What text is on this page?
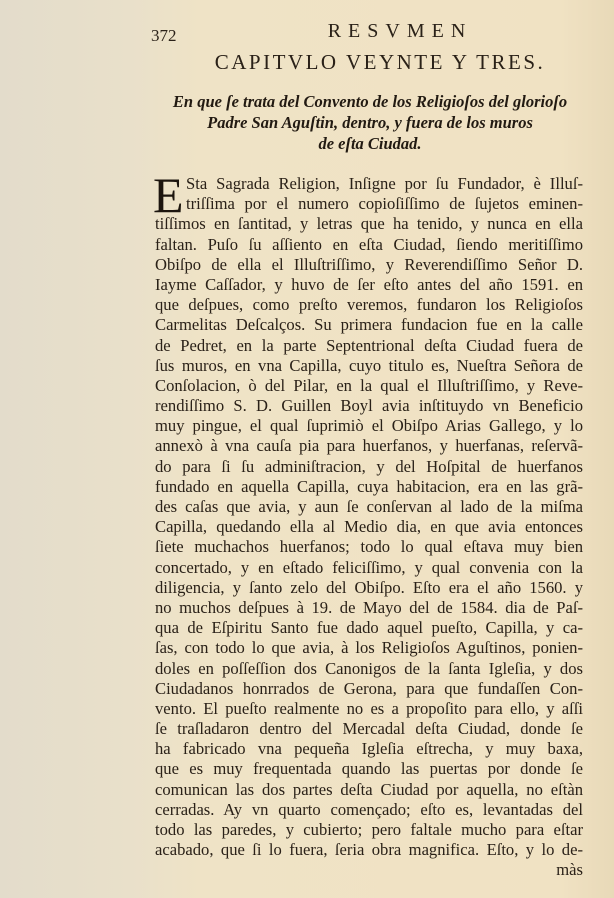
372	RESVMEN
CAPITVLO VEYNTE Y TRES.
En que ſe trata del Convento de los Religioſos del glorioſo
Padre San Aguſtin, dentro, y fuera de los muros
de eſta Ciudad.
E Sta Sagrada Religion, Inſigne por ſu Fundador, è Illuſ-
triſſima por el numero copioſiſſimo de ſujetos eminen-
tiſſimos en ſantitad, y letras que ha tenido, y nunca en ella
faltan. Puſo ſu aſſiento en eſta Ciudad, ſiendo meritiſſimo
Obiſpo de ella el Illuſtriſſimo, y Reverendiſſimo Señor D.
Iayme Caſſador, y huvo de ſer eſto antes del año 1591. en
que deſpues, como preſto veremos, fundaron los Religioſos
Carmelitas Deſcalços. Su primera fundacion fue en la calle
de Pedret, en la parte Septentrional deſta Ciudad fuera de
ſus muros, en vna Capilla, cuyo titulo es, Nueſtra Señora de
Conſolacion, ò del Pilar, en la qual el Illuſtriſſimo, y Reve-
rendiſſimo S. D. Guillen Boyl avia inſtituydo vn Beneficio
muy pingue, el qual ſuprimiò el Obiſpo Arias Gallego, y lo
annexò à vna cauſa pia para huerfanos, y huerfanas, reſervã-
do para ſi ſu adminiſtracion, y del Hoſpital de huerfanos
fundado en aquella Capilla, cuya habitacion, era en las grã-
des caſas que avia, y aun ſe conſervan al lado de la miſma
Capilla, quedando ella al Medio dia, en que avia entonces
ſiete muchachos huerfanos; todo lo qual eſtava muy bien
concertado, y en eſtado feliciſſimo, y qual convenia con la
diligencia, y ſanto zelo del Obiſpo. Eſto era el año 1560. y
no muchos deſpues à 19. de Mayo del de 1584. dia de Paſ-
qua de Eſpiritu Santo fue dado aquel pueſto, Capilla, y ca-
ſas, con todo lo que avia, à los Religioſos Aguſtinos, ponien-
doles en poſſeſſion dos Canonigos de la ſanta Igleſia, y dos
Ciudadanos honrrados de Gerona, para que fundaſſen Con-
vento. El pueſto realmente no es a propoſito para ello, y aſſi
ſe traſladaron dentro del Mercadal deſta Ciudad, donde ſe
ha fabricado vna pequeña Igleſia eſtrecha, y muy baxa,
que es muy frequentada quando las puertas por donde ſe
comunican las dos partes deſta Ciudad por aquella, no eſtàn
cerradas. Ay vn quarto començado; eſto es, levantadas del
todo las paredes, y cubierto; pero faltale mucho para eſtar
acabado, que ſi lo fuera, ſeria obra magnifica. Eſto, y lo de-
màs
